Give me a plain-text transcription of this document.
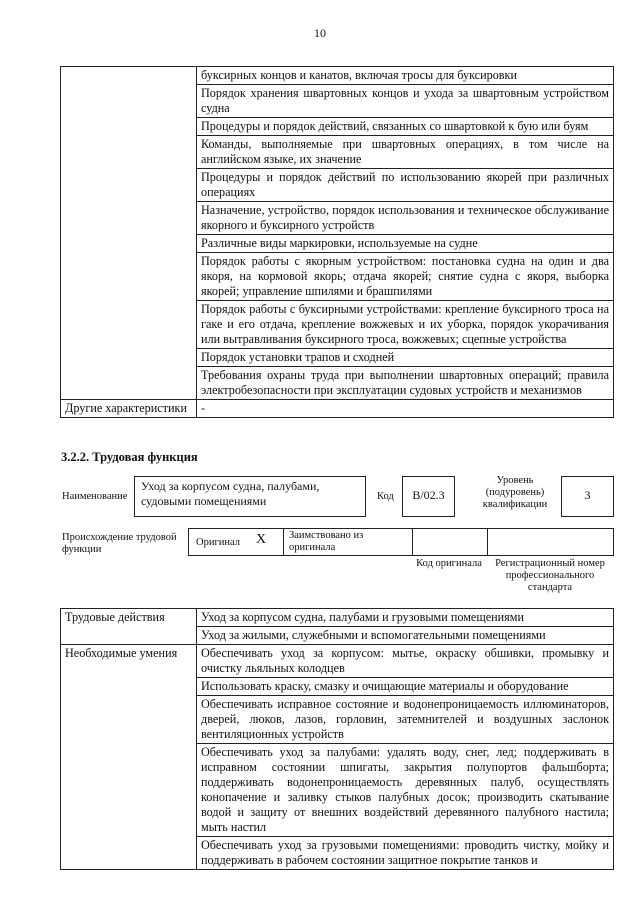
10
	буксирных концов и канатов, включая тросы для буксировки
	Порядок хранения швартовных концов и ухода за швартовным устройством судна
	Процедуры и порядок действий, связанных со швартовкой к бую или буям
	Команды, выполняемые при швартовных операциях, в том числе на английском языке, их значение
	Процедуры и порядок действий по использованию якорей при различных операциях
	Назначение, устройство, порядок использования и техническое обслуживание якорного и буксирного устройств
	Различные виды маркировки, используемые на судне
	Порядок работы с якорным устройством: постановка судна на один и два якоря, на кормовой якорь; отдача якорей; снятие судна с якоря, выборка якорей; управление шпилями и брашпилями
	Порядок работы с буксирными устройствами: крепление буксирного троса на гаке и его отдача, крепление вожжевых и их уборка, порядок укорачивания или вытравливания буксирного троса, вожжевых; сцепные устройства
	Порядок установки трапов и сходней
	Требования охраны труда при выполнении швартовных операций; правила электробезопасности при эксплуатации судовых устройств и механизмов
Другие характеристики	-
3.2.2. Трудовая функция
Наименование
Уход за корпусом судна, палубами, судовыми помещениями	Код	B/02.3
Уровень (подуровень) квалификации
3
Происхождение трудовой функции
Оригинал X Заимствовано из оригинала
Код оригинала	Регистрационный номер профессионального стандарта
Трудовые действия	Уход за корпусом судна, палубами и грузовыми помещениями
	Уход за жилыми, служебными и вспомогательными помещениями
Необходимые умения	Обеспечивать уход за корпусом: мытье, окраску обшивки, промывку и очистку льяльных колодцев
	Использовать краску, смазку и очищающие материалы и оборудование
	Обеспечивать исправное состояние и водонепроницаемость иллюминаторов, дверей, люков, лазов, горловин, затемнителей и воздушных заслонок вентиляционных устройств
	Обеспечивать уход за палубами: удалять воду, снег, лед; поддерживать в исправном состоянии шпигаты, закрытия полупортов фальшборта; поддерживать водонепроницаемость деревянных палуб, осуществлять конопачение и заливку стыков палубных досок; производить скатывание водой и защиту от внешних воздействий деревянного палубного настила; мыть настил
	Обеспечивать уход за грузовыми помещениями: проводить чистку, мойку и поддерживать в рабочем состоянии защитное покрытие танков и
